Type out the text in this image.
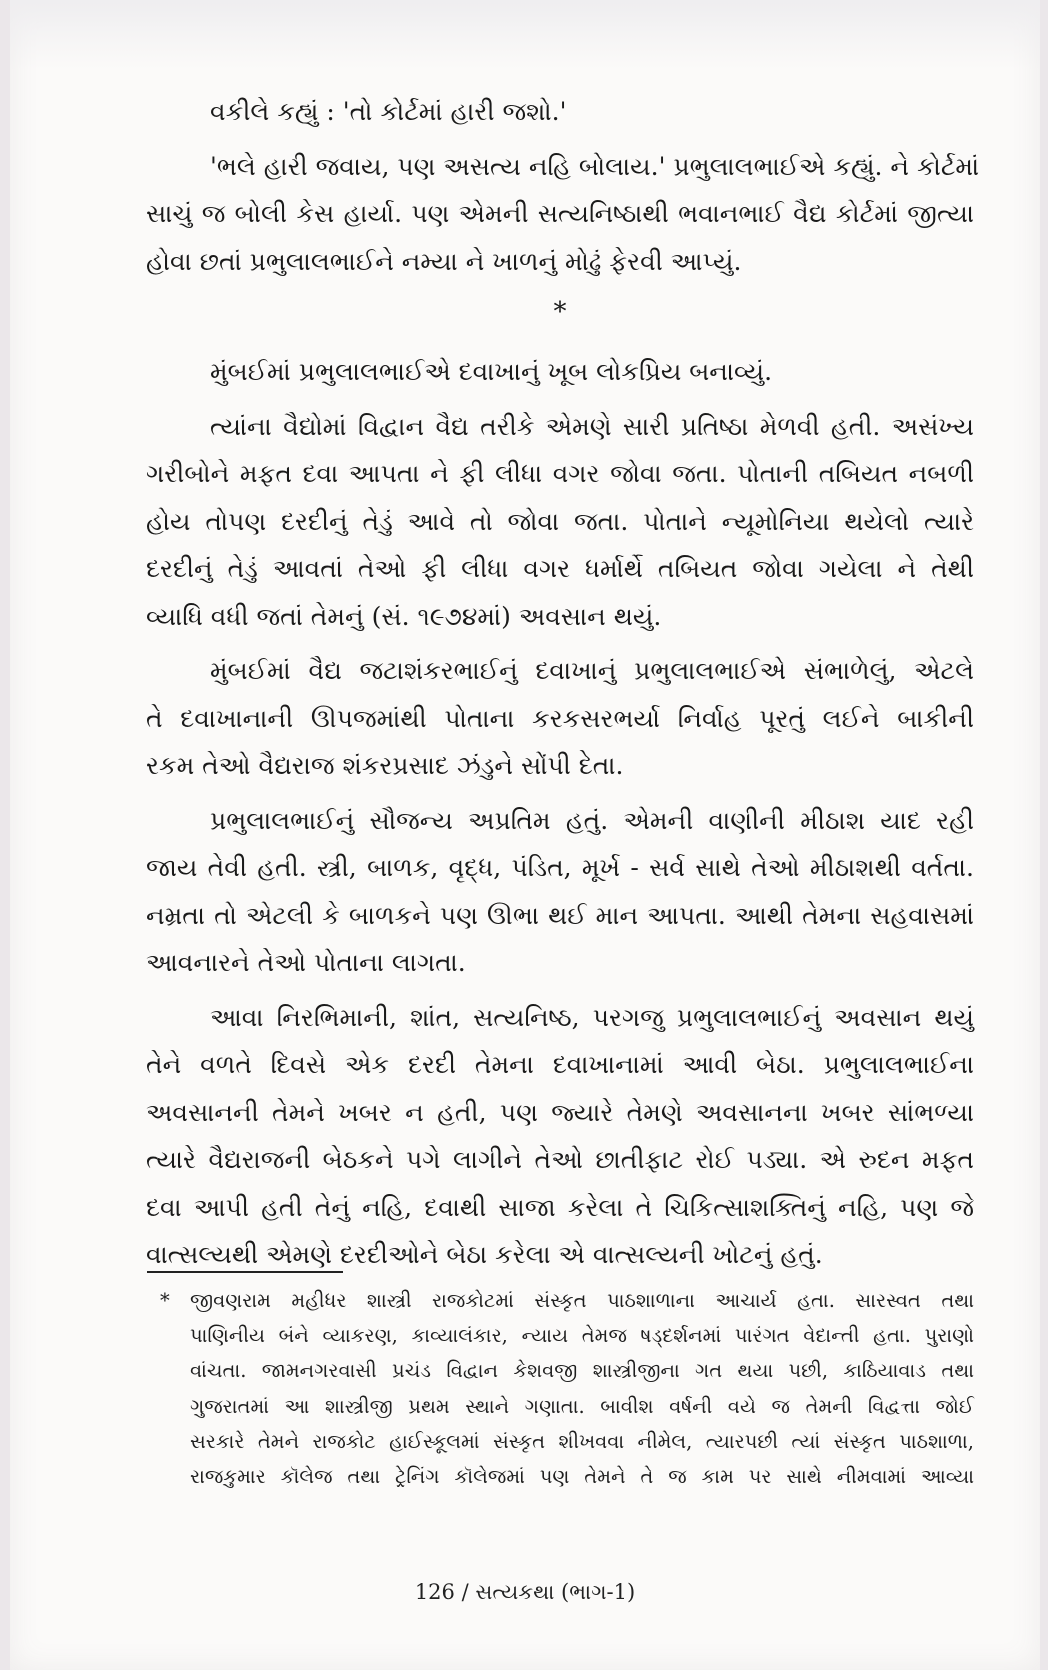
વકીલે કહ્યું : 'તો કોર્ટમાં હારી જશો.'
'ભલે હારી જવાય, પણ અસત્ય નહિ બોલાય.' પ્રભુલાલભાઈએ કહ્યું. ને કોર્ટમાં
સાચું જ બોલી કેસ હાર્યા. પણ એમની સત્યનિષ્ઠાથી ભવાનભાઈ વૈદ્ય કોર્ટમાં જીત્યા
હોવા છતાં પ્રભુલાલભાઈને નમ્યા ને ખાળનું મોઢું ફેરવી આપ્યું.
*
મુંબઈમાં પ્રભુલાલભાઈએ દવાખાનું ખૂબ લોકપ્રિય બનાવ્યું.
ત્યાંના વૈદ્યોમાં વિદ્વાન વૈદ્ય તરીકે એમણે સારી પ્રતિષ્ઠા મેળવી હતી. અસંખ્ય
ગરીબોને મફત દવા આપતા ને ફી લીધા વગર જોવા જતા. પોતાની તબિયત નબળી
હોય તોપણ દરદીનું તેડું આવે તો જોવા જતા. પોતાને ન્યૂમોનિયા થયેલો ત્યારે
દરદીનું તેડું આવતાં તેઓ ફી લીધા વગર ધર્માર્થે તબિયત જોવા ગયેલા ને તેથી
વ્યાધિ વધી જતાં તેમનું (સં. ૧૯૭૪માં) અવસાન થયું.
મુંબઈમાં વૈદ્ય જટાશંકરભાઈનું દવાખાનું પ્રભુલાલભાઈએ સંભાળેલું, એટલે
તે દવાખાનાની ઊપજમાંથી પોતાના કરકસરભર્યા નિર્વાહ પૂરતું લઈને બાકીની
રકમ તેઓ વૈદ્યરાજ શંકરપ્રસાદ ઝંડુને સોંપી દેતા.
પ્રભુલાલભાઈનું સૌજન્ય અપ્રતિમ હતું. એમની વાણીની મીઠાશ યાદ રહી
જાય તેવી હતી. સ્ત્રી, બાળક, વૃદ્ધ, પંડિત, મૂર્ખ - સર્વ સાથે તેઓ મીઠાશથી વર્તતા.
નમ્રતા તો એટલી કે બાળકને પણ ઊભા થઈ માન આપતા. આથી તેમના સહવાસમાં
આવનારને તેઓ પોતાના લાગતા.
આવા નિરભિમાની, શાંત, સત્યનિષ્ઠ, પરગજુ પ્રભુલાલભાઈનું અવસાન થયું
તેને વળતે દિવસે એક દરદી તેમના દવાખાનામાં આવી બેઠા. પ્રભુલાલભાઈના
અવસાનની તેમને ખબર ન હતી, પણ જ્યારે તેમણે અવસાનના ખબર સાંભળ્યા
ત્યારે વૈદ્યરાજની બેઠકને પગે લાગીને તેઓ છાતીફાટ રોઈ પડ્યા. એ રુદન મફત
દવા આપી હતી તેનું નહિ, દવાથી સાજા કરેલા તે ચિકિત્સાશક્તિનું નહિ, પણ જે
વાત્સલ્યથી એમણે દરદીઓને બેઠા કરેલા એ વાત્સલ્યની ખોટનું હતું.
* જીવણરામ મહીધર શાસ્ત્રી રાજકોટમાં સંસ્કૃત પાઠશાળાના આચાર્ય હતા. સારસ્વત તથા
પાણિનીય બંને વ્યાકરણ, કાવ્યાલંકાર, ન્યાય તેમજ ષડ્દર્શનમાં પારંગત વેદાન્તી હતા. પુરાણો
વાંચતા. જામનગરવાસી પ્રચંડ વિદ્વાન કેશવજી શાસ્ત્રીજીના ગત થયા પછી, કાઠિયાવાડ તથા
ગુજરાતમાં આ શાસ્ત્રીજી પ્રથમ સ્થાને ગણાતા. બાવીશ વર્ષની વયે જ તેમની વિદ્વત્તા જોઈ
સરકારે તેમને રાજકોટ હાઈસ્કૂલમાં સંસ્કૃત શીખવવા નીમેલ, ત્યારપછી ત્યાં સંસ્કૃત પાઠશાળા,
રાજકુમાર કૉલેજ તથા ટ્રેનિંગ કૉલેજમાં પણ તેમને તે જ કામ પર સાથે નીમવામાં આવ્યા
126 / સત્યકથા (ભાગ-1)
